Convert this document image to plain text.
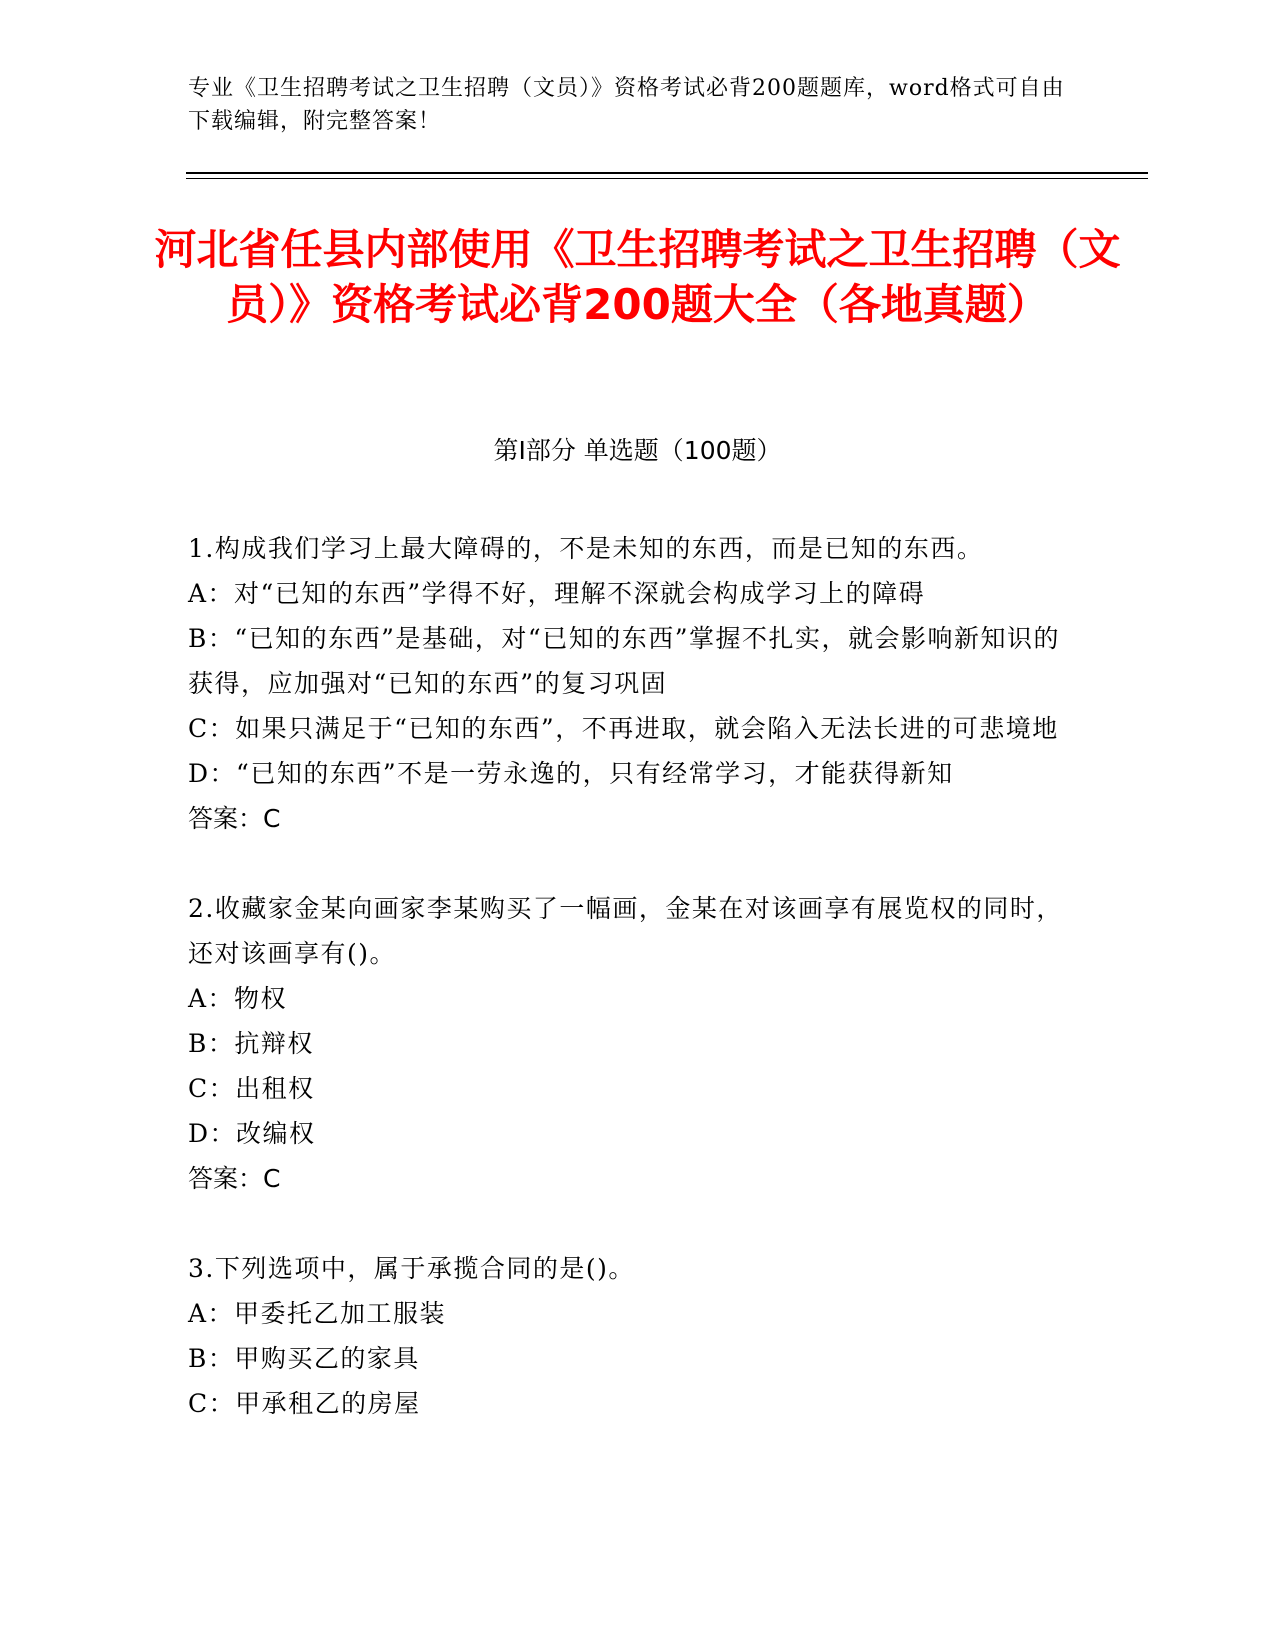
专业《卫生招聘考试之卫生招聘（文员）》资格考试必背200题题库，word格式可自由下载编辑，附完整答案！
河北省任县内部使用《卫生招聘考试之卫生招聘（文员）》资格考试必背200题大全（各地真题）
第I部分 单选题（100题）

1.构成我们学习上最大障碍的，不是未知的东西，而是已知的东西。

A：对“已知的东西”学得不好，理解不深就会构成学习上的障碍

B：“已知的东西”是基础，对“已知的东西”掌握不扎实，就会影响新知识的获得，应加强对“已知的东西”的复习巩固

C：如果只满足于“已知的东西”，不再进取，就会陷入无法长进的可悲境地

D：“已知的东西”不是一劳永逸的，只有经常学习，才能获得新知

答案：C

2.收藏家金某向画家李某购买了一幅画，金某在对该画享有展览权的同时，还对该画享有()。

A：物权

B：抗辩权

C：出租权

D：改编权

答案：C

3.下列选项中，属于承揽合同的是()。

A：甲委托乙加工服装

B：甲购买乙的家具

C：甲承租乙的房屋
